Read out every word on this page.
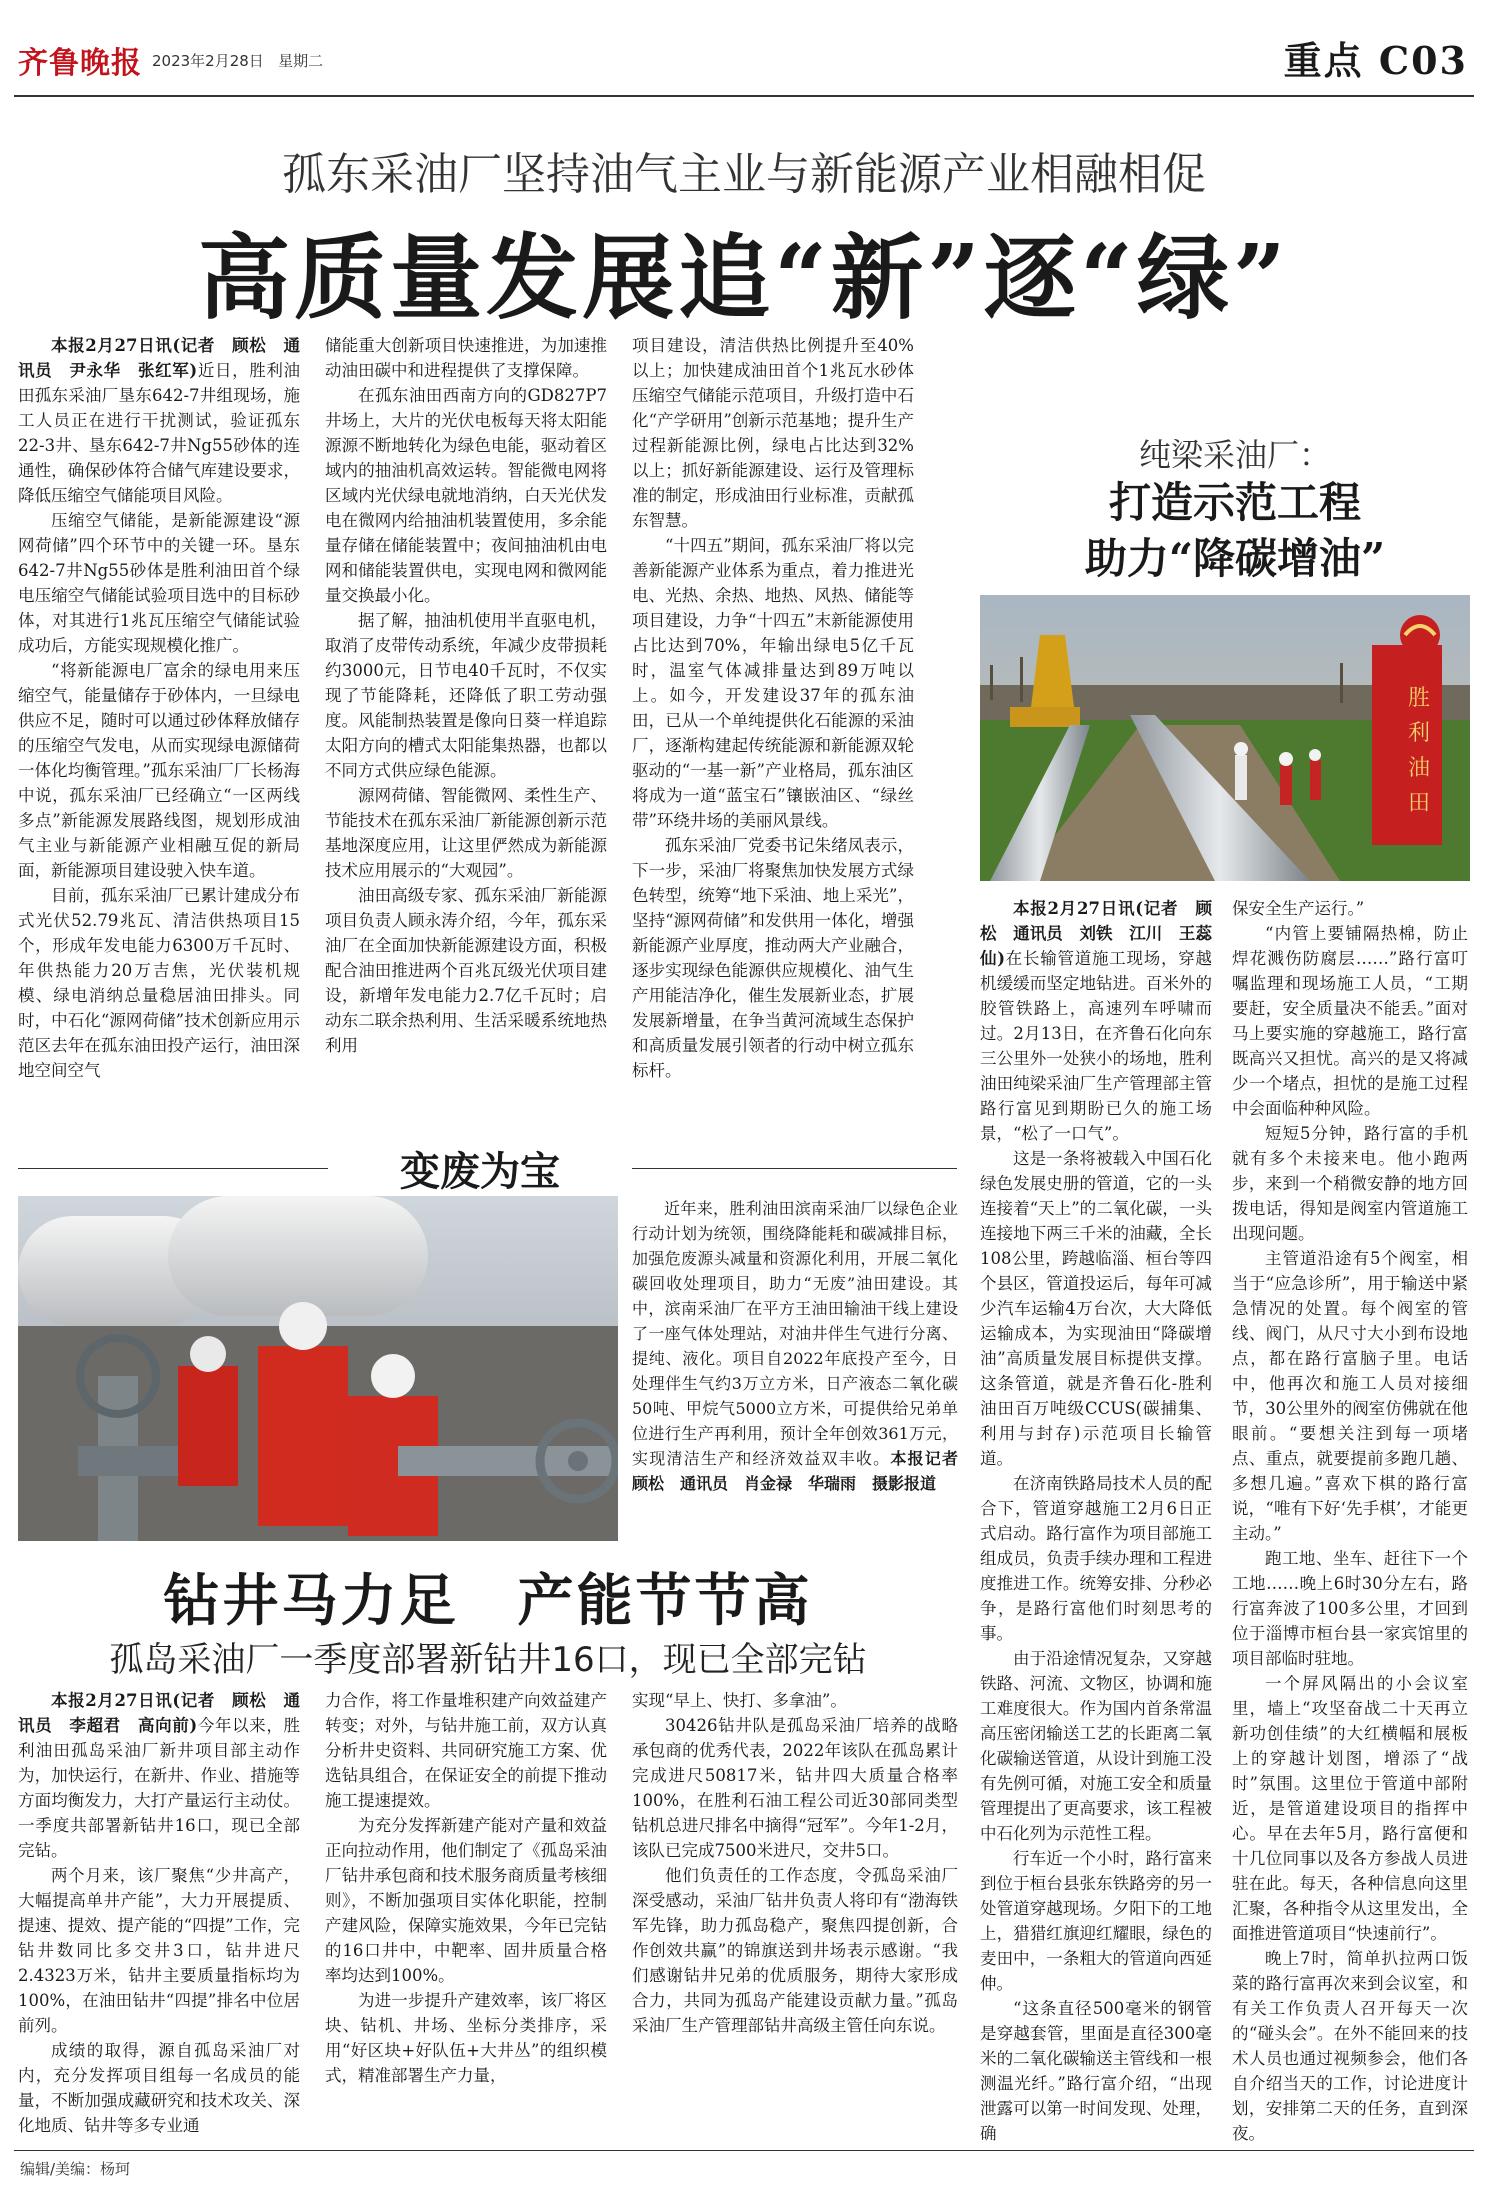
齐鲁晚报 2023年2月28日 星期二	重点 C03
孤东采油厂坚持油气主业与新能源产业相融相促
高质量发展追“新”逐“绿”

本报2月27日讯(记者　顾松　通讯员　尹永华　张红军)近日，胜利油田孤东采油厂垦东642-7井组现场，施工人员正在进行干扰测试，验证孤东22-3井、垦东642-7井Ng55砂体的连通性，确保砂体符合储气库建设要求，降低压缩空气储能项目风险。

压缩空气储能，是新能源建设“源网荷储”四个环节中的关键一环。垦东642-7井Ng55砂体是胜利油田首个绿电压缩空气储能试验项目选中的目标砂体，对其进行1兆瓦压缩空气储能试验成功后，方能实现规模化推广。

“将新能源电厂富余的绿电用来压缩空气，能量储存于砂体内，一旦绿电供应不足，随时可以通过砂体释放储存的压缩空气发电，从而实现绿电源储荷一体化均衡管理。”孤东采油厂厂长杨海中说，孤东采油厂已经确立“一区两线多点”新能源发展路线图，规划形成油气主业与新能源产业相融互促的新局面，新能源项目建设驶入快车道。

目前，孤东采油厂已累计建成分布式光伏52.79兆瓦、清洁供热项目15个，形成年发电能力6300万千瓦时、年供热能力20万吉焦，光伏装机规模、绿电消纳总量稳居油田排头。同时，中石化“源网荷储”技术创新应用示范区去年在孤东油田投产运行，油田深地空间空气

储能重大创新项目快速推进，为加速推动油田碳中和进程提供了支撑保障。

在孤东油田西南方向的GD827P7井场上，大片的光伏电板每天将太阳能源源不断地转化为绿色电能，驱动着区域内的抽油机高效运转。智能微电网将区域内光伏绿电就地消纳，白天光伏发电在微网内给抽油机装置使用，多余能量存储在储能装置中；夜间抽油机由电网和储能装置供电，实现电网和微网能量交换最小化。

据了解，抽油机使用半直驱电机，取消了皮带传动系统，年减少皮带损耗约3000元，日节电40千瓦时，不仅实现了节能降耗，还降低了职工劳动强度。风能制热装置是像向日葵一样追踪太阳方向的槽式太阳能集热器，也都以不同方式供应绿色能源。

源网荷储、智能微网、柔性生产、节能技术在孤东采油厂新能源创新示范基地深度应用，让这里俨然成为新能源技术应用展示的“大观园”。

油田高级专家、孤东采油厂新能源项目负责人顾永涛介绍，今年，孤东采油厂在全面加快新能源建设方面，积极配合油田推进两个百兆瓦级光伏项目建设，新增年发电能力2.7亿千瓦时；启动东二联余热利用、生活采暖系统地热利用

项目建设，清洁供热比例提升至40%以上；加快建成油田首个1兆瓦水砂体压缩空气储能示范项目，升级打造中石化“产学研用”创新示范基地；提升生产过程新能源比例，绿电占比达到32%以上；抓好新能源建设、运行及管理标准的制定，形成油田行业标准，贡献孤东智慧。

“十四五”期间，孤东采油厂将以完善新能源产业体系为重点，着力推进光电、光热、余热、地热、风热、储能等项目建设，力争“十四五”末新能源使用占比达到70%，年输出绿电5亿千瓦时，温室气体减排量达到89万吨以上。如今，开发建设37年的孤东油田，已从一个单纯提供化石能源的采油厂，逐渐构建起传统能源和新能源双轮驱动的“一基一新”产业格局，孤东油区将成为一道“蓝宝石”镶嵌油区、“绿丝带”环绕井场的美丽风景线。

孤东采油厂党委书记朱绪凤表示，下一步，采油厂将聚焦加快发展方式绿色转型，统筹“地下采油、地上采光”，坚持“源网荷储”和发供用一体化，增强新能源产业厚度，推动两大产业融合，逐步实现绿色能源供应规模化、油气生产用能洁净化，催生发展新业态，扩展发展新增量，在争当黄河流域生态保护和高质量发展引领者的行动中树立孤东标杆。

纯梁采油厂：
打造示范工程
助力“降碳增油”
胜
利
油
田

本报2月27日讯(记者　顾松　通讯员　刘铁　江川　王蕊仙)在长输管道施工现场，穿越机缓缓而坚定地钻进。百米外的胶管铁路上，高速列车呼啸而过。2月13日，在齐鲁石化向东三公里外一处狭小的场地，胜利油田纯梁采油厂生产管理部主管路行富见到期盼已久的施工场景，“松了一口气”。

这是一条将被载入中国石化绿色发展史册的管道，它的一头连接着“天上”的二氧化碳，一头连接地下两三千米的油藏，全长108公里，跨越临淄、桓台等四个县区，管道投运后，每年可减少汽车运输4万台次，大大降低运输成本，为实现油田“降碳增油”高质量发展目标提供支撑。这条管道，就是齐鲁石化-胜利油田百万吨级CCUS(碳捕集、利用与封存)示范项目长输管道。

在济南铁路局技术人员的配合下，管道穿越施工2月6日正式启动。路行富作为项目部施工组成员，负责手续办理和工程进度推进工作。统筹安排、分秒必争，是路行富他们时刻思考的事。

由于沿途情况复杂，又穿越铁路、河流、文物区，协调和施工难度很大。作为国内首条常温高压密闭输送工艺的长距离二氧化碳输送管道，从设计到施工没有先例可循，对施工安全和质量管理提出了更高要求，该工程被中石化列为示范性工程。

行车近一个小时，路行富来到位于桓台县张东铁路旁的另一处管道穿越现场。夕阳下的工地上，猎猎红旗迎红耀眼，绿色的麦田中，一条粗大的管道向西延伸。

“这条直径500毫米的钢管是穿越套管，里面是直径300毫米的二氧化碳输送主管线和一根测温光纤。”路行富介绍，“出现泄露可以第一时间发现、处理，确

保安全生产运行。”

“内管上要铺隔热棉，防止焊花溅伤防腐层……”路行富叮嘱监理和现场施工人员，“工期要赶，安全质量决不能丢。”面对马上要实施的穿越施工，路行富既高兴又担忧。高兴的是又将减少一个堵点，担忧的是施工过程中会面临种种风险。

短短5分钟，路行富的手机就有多个未接来电。他小跑两步，来到一个稍微安静的地方回拨电话，得知是阀室内管道施工出现问题。

主管道沿途有5个阀室，相当于“应急诊所”，用于输送中紧急情况的处置。每个阀室的管线、阀门，从尺寸大小到布设地点，都在路行富脑子里。电话中，他再次和施工人员对接细节，30公里外的阀室仿佛就在他眼前。“要想关注到每一项堵点、重点，就要提前多跑几趟、多想几遍。”喜欢下棋的路行富说，“唯有下好‘先手棋’，才能更主动。”

跑工地、坐车、赶往下一个工地……晚上6时30分左右，路行富奔波了100多公里，才回到位于淄博市桓台县一家宾馆里的项目部临时驻地。

一个屏风隔出的小会议室里，墙上“攻坚奋战二十天再立新功创佳绩”的大红横幅和展板上的穿越计划图，增添了“战时”氛围。这里位于管道中部附近，是管道建设项目的指挥中心。早在去年5月，路行富便和十几位同事以及各方参战人员进驻在此。每天，各种信息向这里汇聚，各种指令从这里发出，全面推进管道项目“快速前行”。

晚上7时，简单扒拉两口饭菜的路行富再次来到会议室，和有关工作负责人召开每天一次的“碰头会”。在外不能回来的技术人员也通过视频参会，他们各自介绍当天的工作，讨论进度计划，安排第二天的任务，直到深夜。

变废为宝

近年来，胜利油田滨南采油厂以绿色企业行动计划为统领，围绕降能耗和碳减排目标，加强危废源头减量和资源化利用，开展二氧化碳回收处理项目，助力“无废”油田建设。其中，滨南采油厂在平方王油田输油干线上建设了一座气体处理站，对油井伴生气进行分离、提纯、液化。项目自2022年底投产至今，日处理伴生气约3万立方米，日产液态二氧化碳50吨、甲烷气5000立方米，可提供给兄弟单位进行生产再利用，预计全年创效361万元，实现清洁生产和经济效益双丰收。本报记者　顾松　通讯员　肖金禄　华瑞雨　摄影报道

钻井马力足　产能节节高
孤岛采油厂一季度部署新钻井16口，现已全部完钻

本报2月27日讯(记者　顾松　通讯员　李超君　高向前)今年以来，胜利油田孤岛采油厂新井项目部主动作为，加快运行，在新井、作业、措施等方面均衡发力，大打产量运行主动仗。一季度共部署新钻井16口，现已全部完钻。

两个月来，该厂聚焦“少井高产，大幅提高单井产能”，大力开展提质、提速、提效、提产能的“四提”工作，完钻井数同比多交井3口，钻井进尺2.4323万米，钻井主要质量指标均为100%，在油田钻井“四提”排名中位居前列。

成绩的取得，源自孤岛采油厂对内，充分发挥项目组每一名成员的能量，不断加强成藏研究和技术攻关、深化地质、钻井等多专业通

力合作，将工作量堆积建产向效益建产转变；对外，与钻井施工前，双方认真分析井史资料、共同研究施工方案、优选钻具组合，在保证安全的前提下推动施工提速提效。

为充分发挥新建产能对产量和效益正向拉动作用，他们制定了《孤岛采油厂钻井承包商和技术服务商质量考核细则》，不断加强项目实体化职能，控制产建风险，保障实施效果，今年已完钻的16口井中，中靶率、固井质量合格率均达到100%。

为进一步提升产建效率，该厂将区块、钻机、井场、坐标分类排序，采用“好区块+好队伍+大井丛”的组织模式，精准部署生产力量，

实现“早上、快打、多拿油”。

30426钻井队是孤岛采油厂培养的战略承包商的优秀代表，2022年该队在孤岛累计完成进尺50817米，钻井四大质量合格率100%，在胜利石油工程公司近30部同类型钻机总进尺排名中摘得“冠军”。今年1-2月，该队已完成7500米进尺，交井5口。

他们负责任的工作态度，令孤岛采油厂深受感动，采油厂钻井负责人将印有“渤海铁军先锋，助力孤岛稳产，聚焦四提创新，合作创效共赢”的锦旗送到井场表示感谢。“我们感谢钻井兄弟的优质服务，期待大家形成合力，共同为孤岛产能建设贡献力量。”孤岛采油厂生产管理部钻井高级主管任向东说。

编辑/美编：杨珂
